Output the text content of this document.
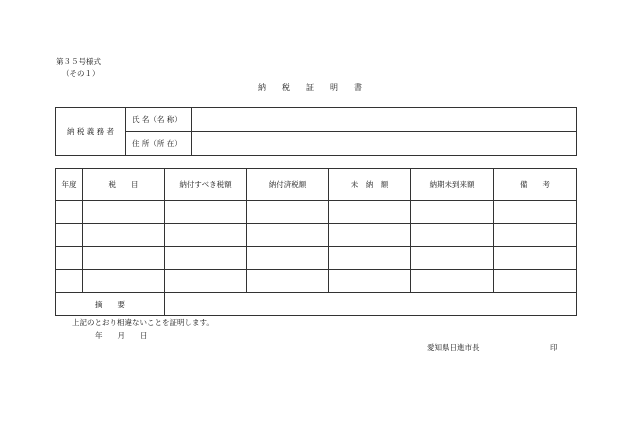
第３５号様式
（その１）
納　　税　　証　　明　　書
納 税 義 務 者	氏 名（名 称）	
	住 所（所 在）	
年度	税　　目	納付すべき税額	納付済税額	未　納　額	納期未到来額	備　　考

摘　　要						
上記のとおり相違ないことを証明します。
年　　月　　日
愛知県日進市長	印
